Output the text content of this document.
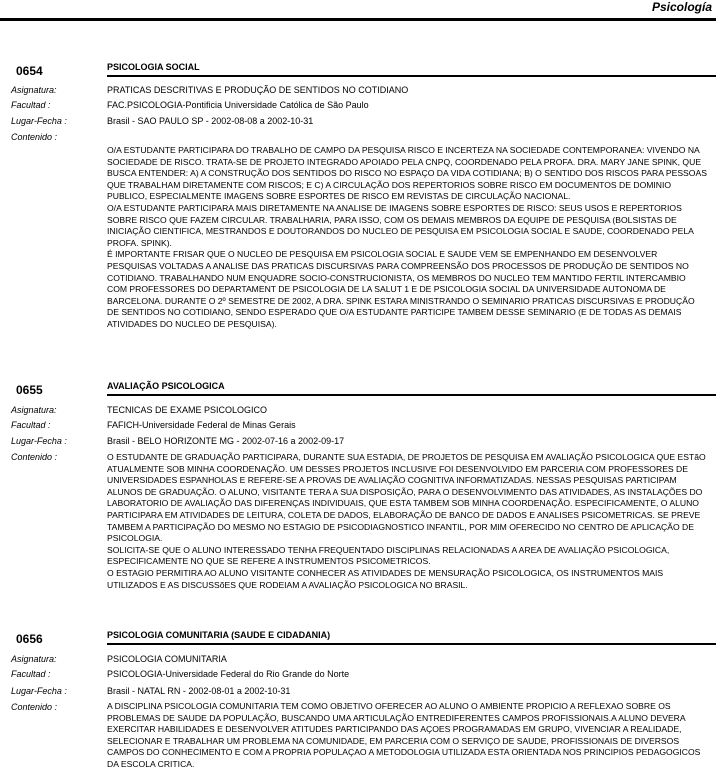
Psicología
0654	PSICOLOGIA SOCIAL
Asignatura:	PRATICAS DESCRITIVAS E PRODUÇÃO DE SENTIDOS NO COTIDIANO
Facultad :	FAC.PSICOLOGIA-Pontificia Universidade Católica de São Paulo
Lugar-Fecha :	Brasil - SAO PAULO SP - 2002-08-08 a 2002-10-31
Contenido :

O/A ESTUDANTE PARTICIPARA DO TRABALHO DE CAMPO DA PESQUISA RISCO E INCERTEZA NA SOCIEDADE CONTEMPORANEA: VIVENDO NA SOCIEDADE DE RISCO. TRATA-SE DE PROJETO INTEGRADO APOIADO PELA CNPQ, COORDENADO PELA PROFA. DRA. MARY JANE SPINK, QUE BUSCA ENTENDER: A) A CONSTRUÇÃO DOS SENTIDOS DO RISCO NO ESPAÇO DA VIDA COTIDIANA; B) O SENTIDO DOS RISCOS PARA PESSOAS QUE TRABALHAM DIRETAMENTE COM RISCOS; E C) A CIRCULAÇÃO DOS REPERTORIOS SOBRE RISCO EM DOCUMENTOS DE DOMINIO PUBLICO, ESPECIALMENTE IMAGENS SOBRE ESPORTES DE RISCO EM REVISTAS DE CIRCULAÇÃO NACIONAL.

O/A ESTUDANTE PARTICIPARA MAIS DIRETAMENTE NA ANALISE DE IMAGENS SOBRE ESPORTES DE RISCO: SEUS USOS E REPERTORIOS SOBRE RISCO QUE FAZEM CIRCULAR. TRABALHARIA, PARA ISSO, COM OS DEMAIS MEMBROS DA EQUIPE DE PESQUISA (BOLSISTAS DE INICIAÇÃO CIENTIFICA, MESTRANDOS E DOUTORANDOS DO NUCLEO DE PESQUISA EM PSICOLOGIA SOCIAL E SAUDE, COORDENADO PELA PROFA. SPINK).

É IMPORTANTE FRISAR QUE O NUCLEO DE PESQUISA EM PSICOLOGIA SOCIAL E SAUDE VEM SE EMPENHANDO EM DESENVOLVER PESQUISAS VOLTADAS A ANALISE DAS PRATICAS DISCURSIVAS PARA COMPREENSÃO DOS PROCESSOS DE PRODUÇÃO DE SENTIDOS NO COTIDIANO. TRABALHANDO NUM ENQUADRE SOCIO-CONSTRUCIONISTA, OS MEMBROS DO NUCLEO TEM MANTIDO FERTIL INTERCAMBIO COM PROFESSORES DO DEPARTAMENT DE PSICOLOGIA DE LA SALUT 1 E DE PSICOLOGIA SOCIAL DA UNIVERSIDADE AUTONOMA DE BARCELONA. DURANTE O 2º SEMESTRE DE 2002, A DRA. SPINK ESTARA MINISTRANDO O SEMINARIO PRATICAS DISCURSIVAS E PRODUÇÃO DE SENTIDOS NO COTIDIANO, SENDO ESPERADO QUE O/A ESTUDANTE PARTICIPE TAMBEM DESSE SEMINARIO (E DE TODAS AS DEMAIS ATIVIDADES DO NUCLEO DE PESQUISA).

0655	AVALIAÇÃO PSICOLOGICA
Asignatura:	TECNICAS DE EXAME PSICOLOGICO
Facultad :	FAFICH-Universidade Federal de Minas Gerais
Lugar-Fecha :	Brasil - BELO HORIZONTE MG - 2002-07-16 a 2002-09-17
Contenido :	O ESTUDANTE DE GRADUAÇÃO PARTICIPARA, DURANTE SUA ESTADIA, DE PROJETOS DE PESQUISA EM AVALIAÇÃO PSICOLOGICA QUE ESTãO ATUALMENTE SOB MINHA COORDENAÇÃO. UM DESSES PROJETOS INCLUSIVE FOI DESENVOLVIDO EM PARCERIA COM PROFESSORES DE UNIVERSIDADES ESPANHOLAS E REFERE-SE A PROVAS DE AVALIAÇÃO COGNITIVA INFORMATIZADAS. NESSAS PESQUISAS PARTICIPAM ALUNOS DE GRADUAÇÃO. O ALUNO, VISITANTE TERA A SUA DISPOSIÇÃO, PARA O DESENVOLVIMENTO DAS ATIVIDADES, AS INSTALAÇÕES DO LABORATORIO DE AVALIAÇÃO DAS DIFERENÇAS INDIVIDUAIS, QUE ESTA TAMBEM SOB MINHA COORDENAÇÃO. ESPECIFICAMENTE, O ALUNO PARTICIPARA EM ATIVIDADES DE LEITURA, COLETA DE DADOS, ELABORAÇÃO DE BANCO DE DADOS E ANALISES PSICOMETRICAS. SE PREVE TAMBEM A PARTICIPAÇÃO DO MESMO NO ESTAGIO DE PSICODIAGNOSTICO INFANTIL, POR MIM OFERECIDO NO CENTRO DE APLICAÇÃO DE PSICOLOGIA.

SOLICITA-SE QUE O ALUNO INTERESSADO TENHA FREQUENTADO DISCIPLINAS RELACIONADAS A AREA DE AVALIAÇÃO PSICOLOGICA, ESPECIFICAMENTE NO QUE SE REFERE A INSTRUMENTOS PSICOMETRICOS.

O ESTAGIO PERMITIRA AO ALUNO VISITANTE CONHECER AS ATIVIDADES DE MENSURAÇÃO PSICOLOGICA, OS INSTRUMENTOS MAIS UTILIZADOS E AS DISCUSSõES QUE RODEIAM A AVALIAÇÃO PSICOLOGICA NO BRASIL.

0656	PSICOLOGIA COMUNITARIA (SAUDE E CIDADANIA)
Asignatura:	PSICOLOGIA COMUNITARIA
Facultad :	PSICOLOGIA-Universidade Federal do Rio Grande do Norte
Lugar-Fecha :	Brasil - NATAL RN - 2002-08-01 a 2002-10-31
Contenido :	A DISCIPLINA PSICOLOGIA COMUNITARIA TEM COMO OBJETIVO OFERECER AO ALUNO O AMBIENTE PROPICIO A REFLEXAO SOBRE OS PROBLEMAS DE SAUDE DA POPULAÇÃO, BUSCANDO UMA ARTICULAÇÃO ENTREDIFERENTES CAMPOS PROFISSIONAIS.A ALUNO DEVERA EXERCITAR HABILIDADES E DESENVOLVER ATITUDES PARTICIPANDO DAS AÇOES PROGRAMADAS EM GRUPO, VIVENCIAR A REALIDADE, SELECIONAR E TRABALHAR UM PROBLEMA NA COMUNIDADE, EM PARCERIA COM O SERVIÇO DE SAUDE, PROFISSIONAIS DE DIVERSOS CAMPOS DO CONHECIMENTO E COM A PROPRIA POPULAÇAO A METODOLOGIA UTILIZADA ESTA ORIENTADA NOS PRINCIPIOS PEDAGOGICOS DA ESCOLA CRITICA.
